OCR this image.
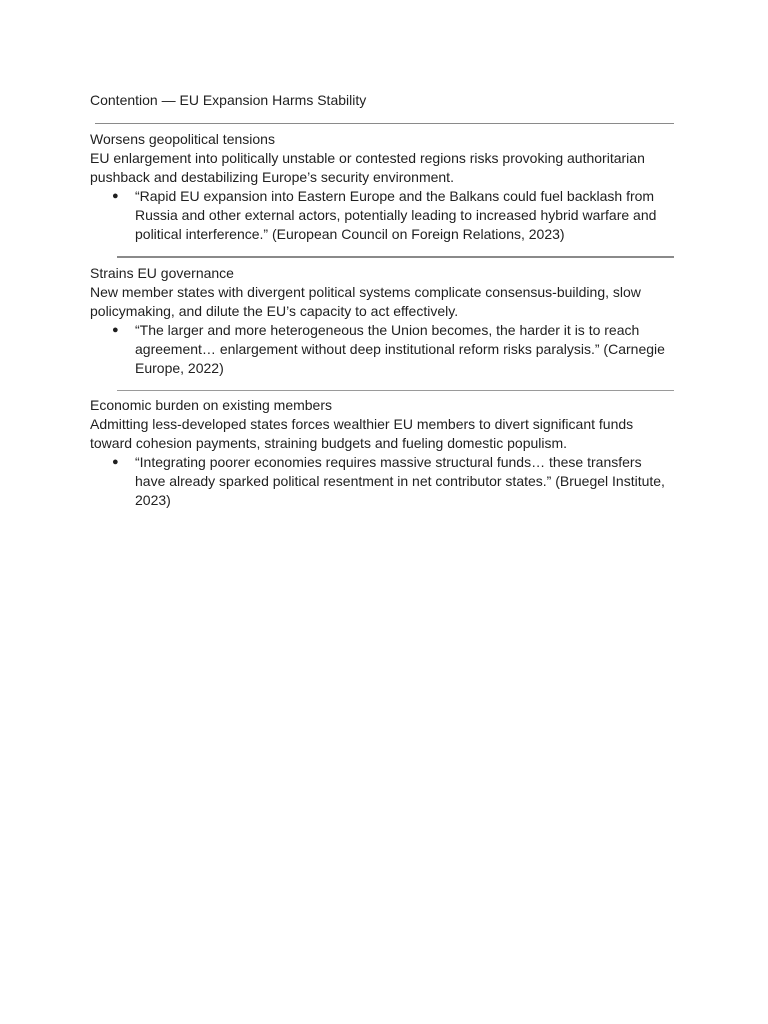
Contention — EU Expansion Harms Stability

Worsens geopolitical tensions

EU enlargement into politically unstable or contested regions risks provoking authoritarian pushback and destabilizing Europe’s security environment.

● “Rapid EU expansion into Eastern Europe and the Balkans could fuel backlash from Russia and other external actors, potentially leading to increased hybrid warfare and political interference.” (European Council on Foreign Relations, 2023)

Strains EU governance

New member states with divergent political systems complicate consensus-building, slow policymaking, and dilute the EU’s capacity to act effectively.

● “The larger and more heterogeneous the Union becomes, the harder it is to reach agreement… enlargement without deep institutional reform risks paralysis.” (Carnegie Europe, 2022)

Economic burden on existing members

Admitting less-developed states forces wealthier EU members to divert significant funds toward cohesion payments, straining budgets and fueling domestic populism.

● “Integrating poorer economies requires massive structural funds… these transfers have already sparked political resentment in net contributor states.” (Bruegel Institute, 2023)
